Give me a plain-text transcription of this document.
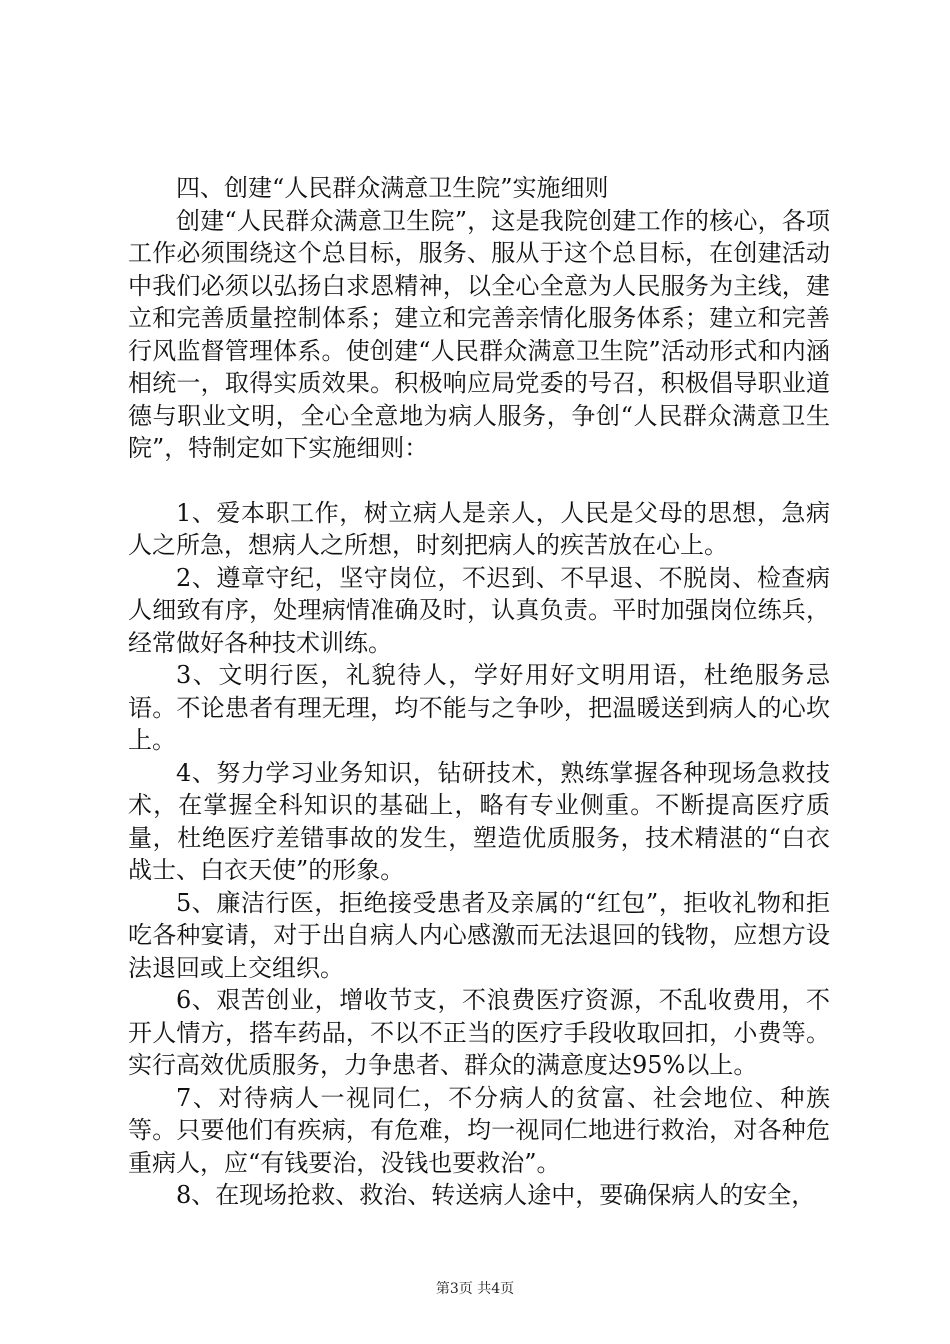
四、创建“人民群众满意卫生院”实施细则

创建“人民群众满意卫生院”，这是我院创建工作的核心，各项工作必须围绕这个总目标，服务、服从于这个总目标，在创建活动中我们必须以弘扬白求恩精神，以全心全意为人民服务为主线，建立和完善质量控制体系；建立和完善亲情化服务体系；建立和完善行风监督管理体系。使创建“人民群众满意卫生院”活动形式和内涵相统一，取得实质效果。积极响应局党委的号召，积极倡导职业道德与职业文明，全心全意地为病人服务，争创“人民群众满意卫生院”，特制定如下实施细则：

1、爱本职工作，树立病人是亲人，人民是父母的思想，急病人之所急，想病人之所想，时刻把病人的疾苦放在心上。

2、遵章守纪，坚守岗位，不迟到、不早退、不脱岗、检查病人细致有序，处理病情准确及时，认真负责。平时加强岗位练兵，经常做好各种技术训练。

3、文明行医，礼貌待人，学好用好文明用语，杜绝服务忌语。不论患者有理无理，均不能与之争吵，把温暖送到病人的心坎上。

4、努力学习业务知识，钻研技术，熟练掌握各种现场急救技术，在掌握全科知识的基础上，略有专业侧重。不断提高医疗质量，杜绝医疗差错事故的发生，塑造优质服务，技术精湛的“白衣战士、白衣天使”的形象。

5、廉洁行医，拒绝接受患者及亲属的“红包”，拒收礼物和拒吃各种宴请，对于出自病人内心感激而无法退回的钱物，应想方设法退回或上交组织。

6、艰苦创业，增收节支，不浪费医疗资源，不乱收费用，不开人情方，搭车药品，不以不正当的医疗手段收取回扣，小费等。实行高效优质服务，力争患者、群众的满意度达95%以上。

7、对待病人一视同仁，不分病人的贫富、社会地位、种族等。只要他们有疾病，有危难，均一视同仁地进行救治，对各种危重病人，应“有钱要治，没钱也要救治”。

8、在现场抢救、救治、转送病人途中，要确保病人的安全，

第3页 共4页
